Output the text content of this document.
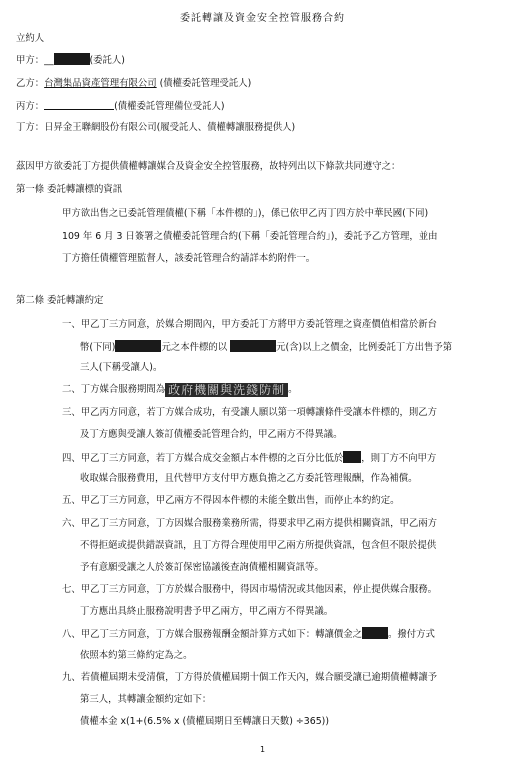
委託轉讓及資金安全控管服務合約
立約人
甲方：__	(委託人)
乙方：台灣集品資產管理有限公司 (債權委託管理受託人)
丙方：	(債權委託管理備位受託人)
丁方：日昇金王聯網股份有限公司(履受託人、債權轉讓服務提供人)
茲因甲方欲委託丁方提供債權轉讓媒合及資金安全控管服務，故特列出以下條款共同遵守之：
第一條 委託轉讓標的資訊
甲方欲出售之已委託管理債權(下稱「本件標的」)，係已依甲乙丙丁四方於中華民國(下同)
109 年 6 月 3 日簽署之債權委託管理合約(下稱「委託管理合約」)，委託予乙方管理，並由
丁方擔任債權管理監督人，該委託管理合約請詳本約附件一。
第二條 委託轉讓約定
一、甲乙丁三方同意，於媒合期間內，甲方委託丁方將甲方委託管理之資產價值相當於新台
幣(下同)	元之本件標的以	元(含)以上之價金，比例委託丁方出售予第
三人(下稱受讓人)。
二、丁方媒合服務期間為 政府機關與洗錢防制 。
三、甲乙丙方同意，若丁方媒合成功，有受讓人願以第一項轉讓條件受讓本件標的，則乙方
及丁方應與受讓人簽訂債權委託管理合約，甲乙兩方不得異議。
四、甲乙丁三方同意，若丁方媒合成交金額占本件標的之百分比低於 ，則丁方不向甲方
收取媒合服務費用，且代替甲方支付甲方應負擔之乙方委託管理報酬，作為補償。
五、甲乙丁三方同意，甲乙兩方不得因本件標的未能全數出售，而停止本約約定。
六、甲乙丁三方同意，丁方因媒合服務業務所需，得要求甲乙兩方提供相關資訊，甲乙兩方
不得拒絕或提供錯誤資訊，且丁方得合理使用甲乙兩方所提供資訊，包含但不限於提供
予有意願受讓之人於簽訂保密協議後查詢債權相關資訊等。
七、甲乙丁三方同意，丁方於媒合服務中，得因市場情況或其他因素，停止提供媒合服務。
丁方應出具終止服務說明書予甲乙兩方，甲乙兩方不得異議。
八、甲乙丁三方同意，丁方媒合服務報酬金額計算方式如下：轉讓價金之	。撥付方式
依照本約第三條約定為之。
九、若債權屆期未受清償，丁方得於債權屆期十個工作天內，媒合願受讓已逾期債權轉讓予
第三人，其轉讓金額約定如下：
債權本金 x(1+(6.5% x (債權屆期日至轉讓日天數) ÷365))
1
